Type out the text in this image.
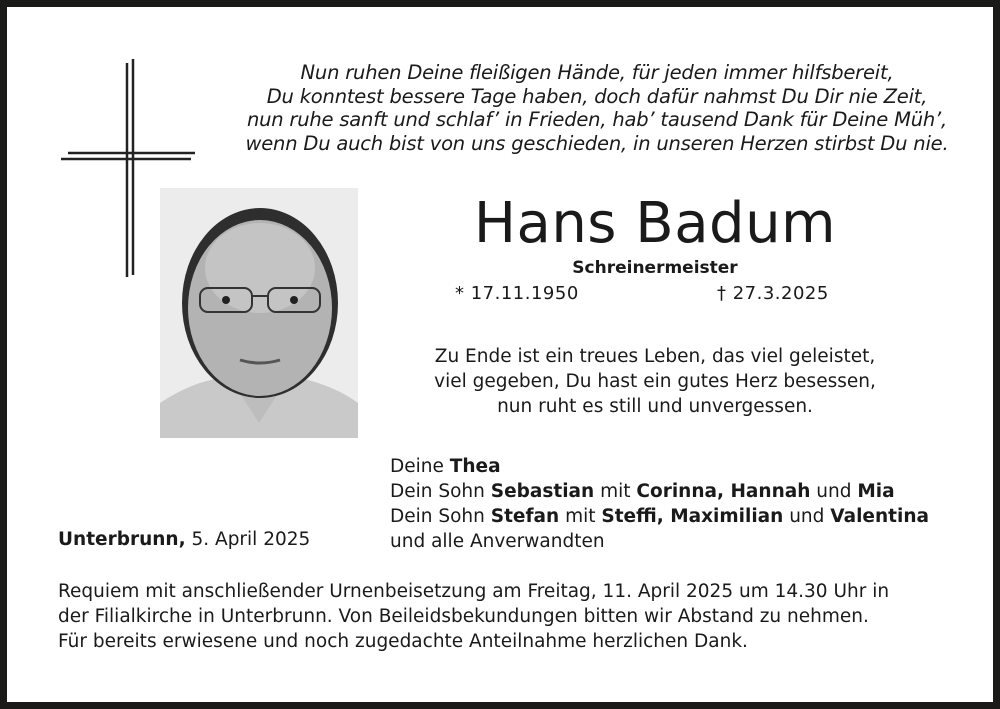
Nun ruhen Deine fleißigen Hände, für jeden immer hilfsbereit,
Du konntest bessere Tage haben, doch dafür nahmst Du Dir nie Zeit,
nun ruhe sanft und schlaf’ in Frieden, hab’ tausend Dank für Deine Müh’,
wenn Du auch bist von uns geschieden, in unseren Herzen stirbst Du nie.
Hans Badum
Schreinermeister
* 17.11.1950	† 27.3.2025
Zu Ende ist ein treues Leben, das viel geleistet,
viel gegeben, Du hast ein gutes Herz besessen,
nun ruht es still und unvergessen.
Deine Thea
Dein Sohn Sebastian mit Corinna, Hannah und Mia
Dein Sohn Stefan mit Steffi, Maximilian und Valentina
und alle Anverwandten
Unterbrunn, 5. April 2025
Requiem mit anschließender Urnenbeisetzung am Freitag, 11. April 2025 um 14.30 Uhr in
der Filialkirche in Unterbrunn. Von Beileidsbekundungen bitten wir Abstand zu nehmen.
Für bereits erwiesene und noch zugedachte Anteilnahme herzlichen Dank.
